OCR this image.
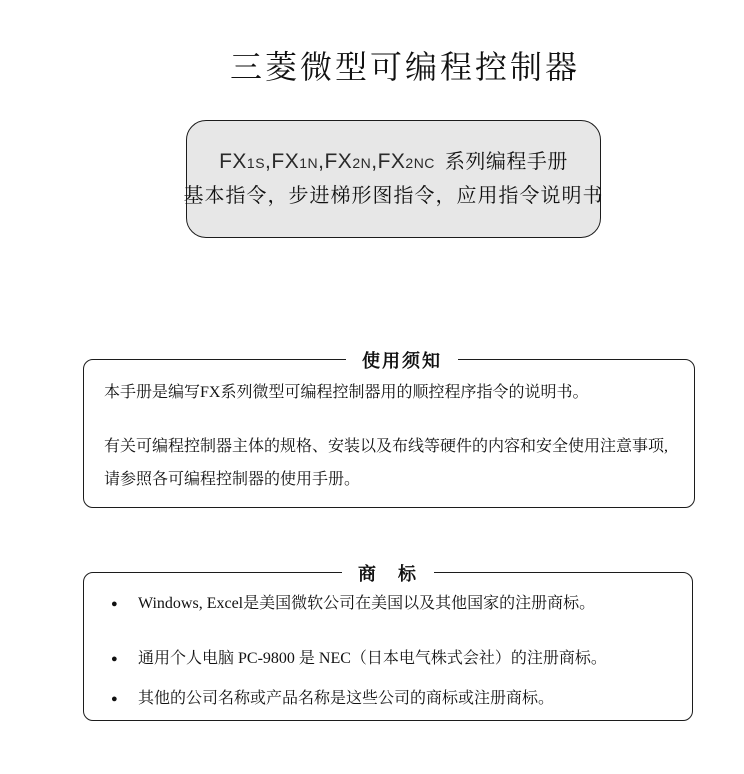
三菱微型可编程控制器
FX1S,FX1N,FX2N,FX2NC 系列编程手册
基本指令，步进梯形图指令，应用指令说明书
使用须知

本手册是编写FX系列微型可编程控制器用的顺控程序指令的说明书。

有关可编程控制器主体的规格、安装以及布线等硬件的内容和安全使用注意事项, 请参照各可编程控制器的使用手册。

商　标
●	Windows, Excel是美国微软公司在美国以及其他国家的注册商标。
●	通用个人电脑 PC-9800 是 NEC（日本电气株式会社）的注册商标。
●	其他的公司名称或产品名称是这些公司的商标或注册商标。
